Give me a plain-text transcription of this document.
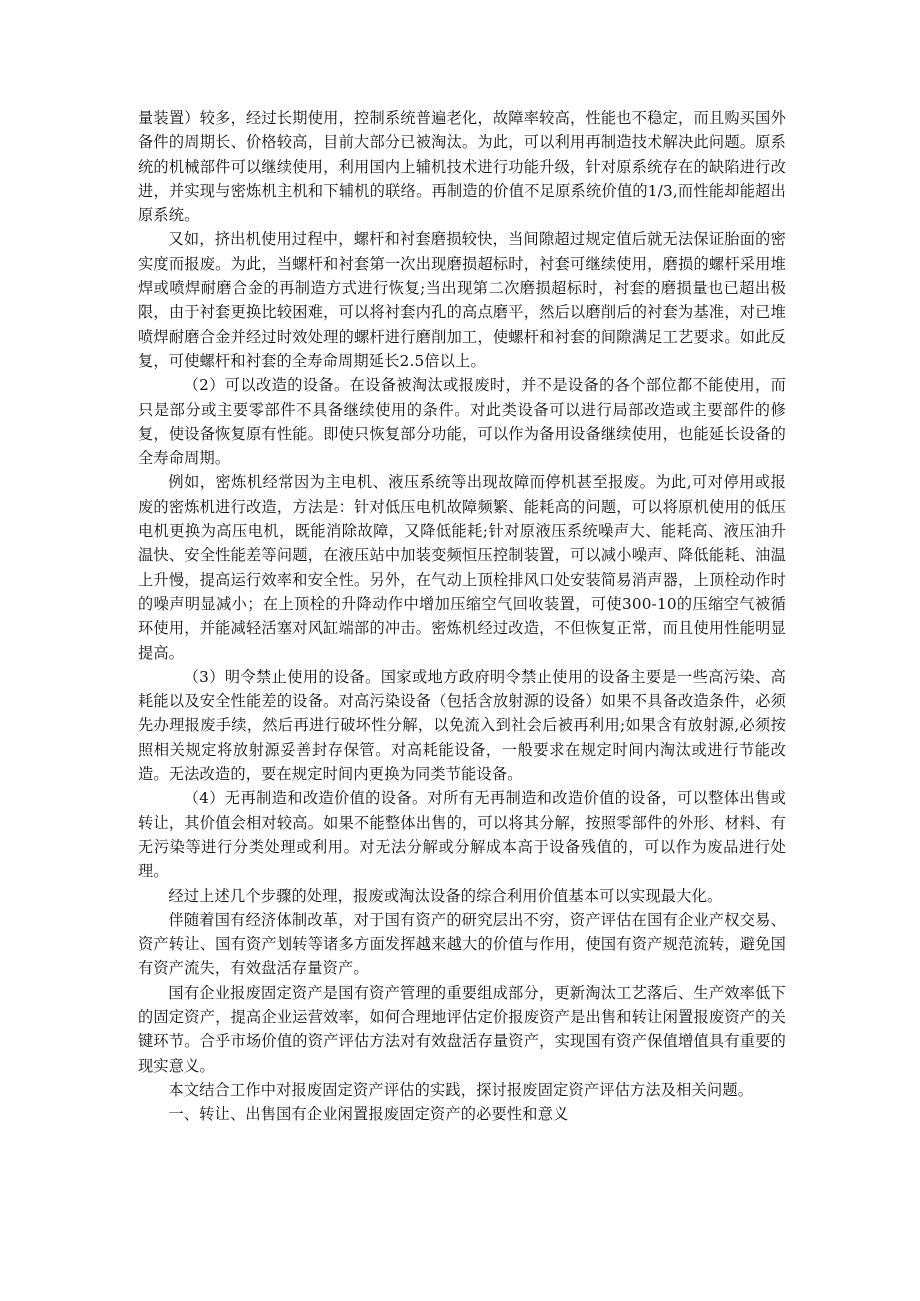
量装置）较多，经过长期使用，控制系统普遍老化，故障率较高，性能也不稳定，而且购买国外备件的周期长、价格较高，目前大部分已被淘汰。为此，可以利用再制造技术解决此问题。原系统的机械部件可以继续使用，利用国内上辅机技术进行功能升级，针对原系统存在的缺陷进行改进，并实现与密炼机主机和下辅机的联络。再制造的价值不足原系统价值的1/3,而性能却能超出原系统。

又如，挤出机使用过程中，螺杆和衬套磨损较快，当间隙超过规定值后就无法保证胎面的密实度而报废。为此，当螺杆和衬套第一次出现磨损超标时，衬套可继续使用，磨损的螺杆采用堆焊或喷焊耐磨合金的再制造方式进行恢复;当出现第二次磨损超标时，衬套的磨损量也已超出极限，由于衬套更换比较困难，可以将衬套内孔的高点磨平，然后以磨削后的衬套为基准，对已堆喷焊耐磨合金并经过时效处理的螺杆进行磨削加工，使螺杆和衬套的间隙满足工艺要求。如此反复，可使螺杆和衬套的全寿命周期延长2.5倍以上。

（2）可以改造的设备。在设备被淘汰或报废时，并不是设备的各个部位都不能使用，而只是部分或主要零部件不具备继续使用的条件。对此类设备可以进行局部改造或主要部件的修复，使设备恢复原有性能。即使只恢复部分功能，可以作为备用设备继续使用，也能延长设备的全寿命周期。

例如，密炼机经常因为主电机、液压系统等出现故障而停机甚至报废。为此,可对停用或报废的密炼机进行改造，方法是：针对低压电机故障频繁、能耗高的问题，可以将原机使用的低压电机更换为高压电机，既能消除故障，又降低能耗;针对原液压系统噪声大、能耗高、液压油升温快、安全性能差等问题，在液压站中加装变频恒压控制装置，可以减小噪声、降低能耗、油温上升慢，提高运行效率和安全性。另外，在气动上顶栓排风口处安装简易消声器，上顶栓动作时的噪声明显减小；在上顶栓的升降动作中增加压缩空气回收装置，可使300-10的压缩空气被循环使用，并能减轻活塞对风缸端部的冲击。密炼机经过改造，不但恢复正常，而且使用性能明显提高。

（3）明令禁止使用的设备。国家或地方政府明令禁止使用的设备主要是一些高污染、高耗能以及安全性能差的设备。对高污染设备（包括含放射源的设备）如果不具备改造条件，必须先办理报废手续，然后再进行破坏性分解，以免流入到社会后被再利用;如果含有放射源,必须按照相关规定将放射源妥善封存保管。对高耗能设备，一般要求在规定时间内淘汰或进行节能改造。无法改造的，要在规定时间内更换为同类节能设备。

（4）无再制造和改造价值的设备。对所有无再制造和改造价值的设备，可以整体出售或转让，其价值会相对较高。如果不能整体出售的，可以将其分解，按照零部件的外形、材料、有无污染等进行分类处理或利用。对无法分解或分解成本高于设备残值的，可以作为废品进行处理。

经过上述几个步骤的处理，报废或淘汰设备的综合利用价值基本可以实现最大化。

伴随着国有经济体制改革，对于国有资产的研究层出不穷，资产评估在国有企业产权交易、资产转让、国有资产划转等诸多方面发挥越来越大的价值与作用，使国有资产规范流转，避免国有资产流失，有效盘活存量资产。

国有企业报废固定资产是国有资产管理的重要组成部分，更新淘汰工艺落后、生产效率低下的固定资产，提高企业运营效率，如何合理地评估定价报废资产是出售和转让闲置报废资产的关键环节。合乎市场价值的资产评估方法对有效盘活存量资产，实现国有资产保值增值具有重要的现实意义。

本文结合工作中对报废固定资产评估的实践，探讨报废固定资产评估方法及相关问题。

一、转让、出售国有企业闲置报废固定资产的必要性和意义
